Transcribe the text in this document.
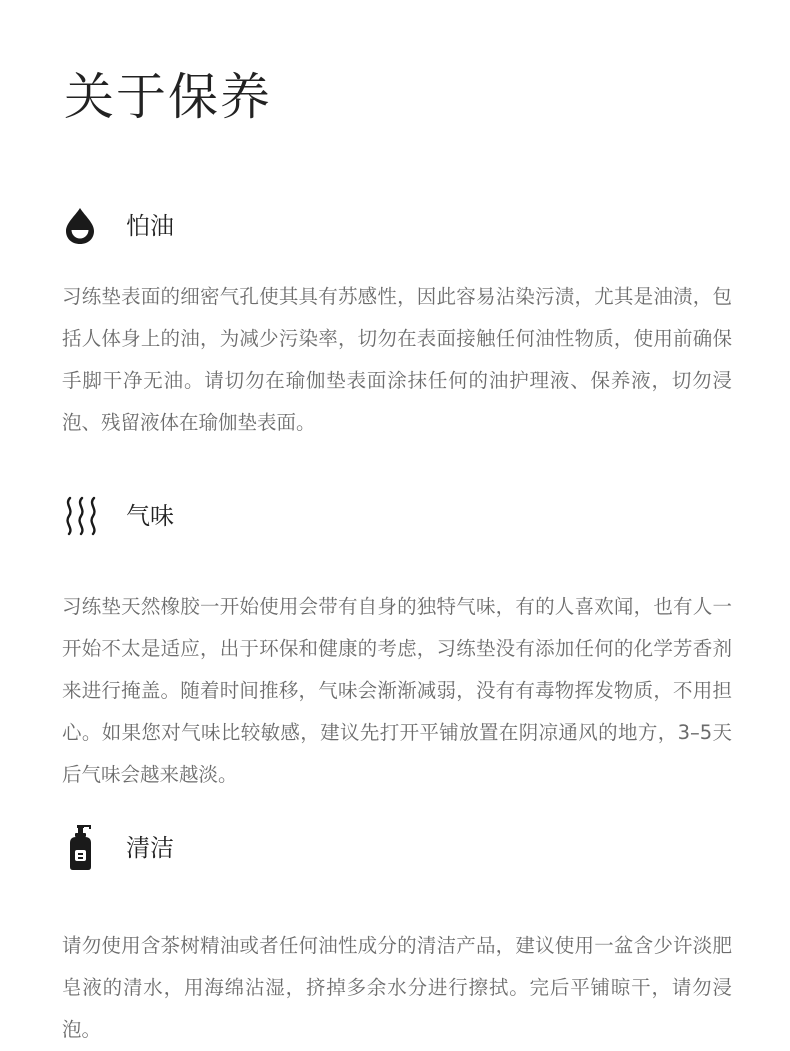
关于保养
怕油

习练垫表面的细密气孔使其具有苏感性，因此容易沾染污渍，尤其是油渍，包括人体身上的油，为减少污染率，切勿在表面接触任何油性物质，使用前确保手脚干净无油。请切勿在瑜伽垫表面涂抹任何的油护理液、保养液，切勿浸泡、残留液体在瑜伽垫表面。

气味

习练垫天然橡胶一开始使用会带有自身的独特气味，有的人喜欢闻，也有人一开始不太是适应，出于环保和健康的考虑，习练垫没有添加任何的化学芳香剂来进行掩盖。随着时间推移，气味会渐渐减弱，没有有毒物挥发物质，不用担心。如果您对气味比较敏感，建议先打开平铺放置在阴凉通风的地方，3–5天后气味会越来越淡。

清洁

请勿使用含茶树精油或者任何油性成分的清洁产品，建议使用一盆含少许淡肥皂液的清水，用海绵沾湿，挤掉多余水分进行擦拭。完后平铺晾干，请勿浸泡。
